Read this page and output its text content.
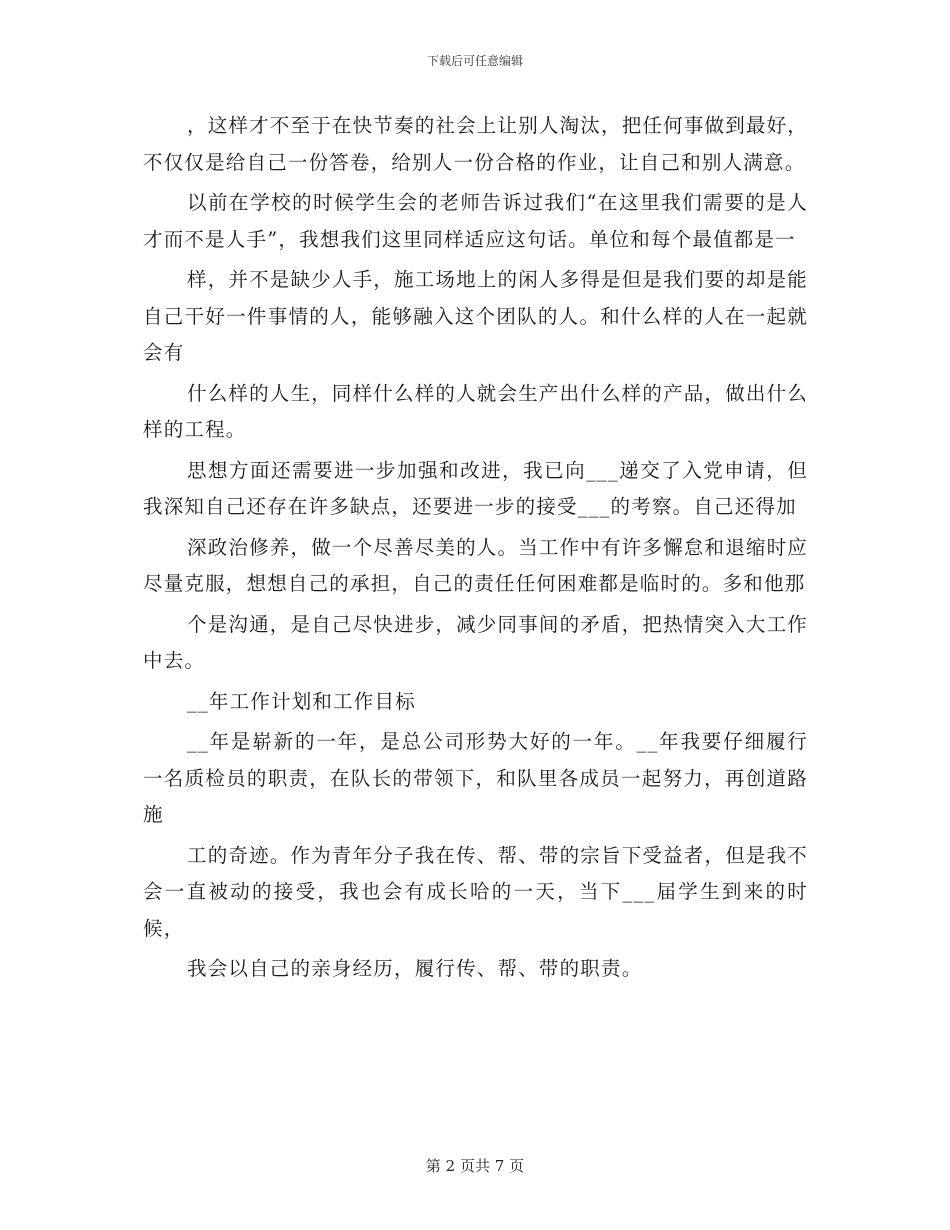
下载后可任意编辑

，这样才不至于在快节奏的社会上让别人淘汰，把任何事做到最好，不仅仅是给自己一份答卷，给别人一份合格的作业，让自己和别人满意。

以前在学校的时候学生会的老师告诉过我们“在这里我们需要的是人才而不是人手”，我想我们这里同样适应这句话。单位和每个最值都是一

样，并不是缺少人手，施工场地上的闲人多得是但是我们要的却是能自己干好一件事情的人，能够融入这个团队的人。和什么样的人在一起就会有

什么样的人生，同样什么样的人就会生产出什么样的产品，做出什么样的工程。

思想方面还需要进一步加强和改进，我已向___递交了入党申请，但我深知自己还存在许多缺点，还要进一步的接受___的考察。自己还得加

深政治修养，做一个尽善尽美的人。当工作中有许多懈怠和退缩时应尽量克服，想想自己的承担，自己的责任任何困难都是临时的。多和他那

个是沟通，是自己尽快进步，减少同事间的矛盾，把热情突入大工作中去。

__年工作计划和工作目标

__年是崭新的一年，是总公司形势大好的一年。__年我要仔细履行一名质检员的职责，在队长的带领下，和队里各成员一起努力，再创道路施

工的奇迹。作为青年分子我在传、帮、带的宗旨下受益者，但是我不会一直被动的接受，我也会有成长哈的一天，当下___届学生到来的时候，

我会以自己的亲身经历，履行传、帮、带的职责。

第 2 页共 7 页
